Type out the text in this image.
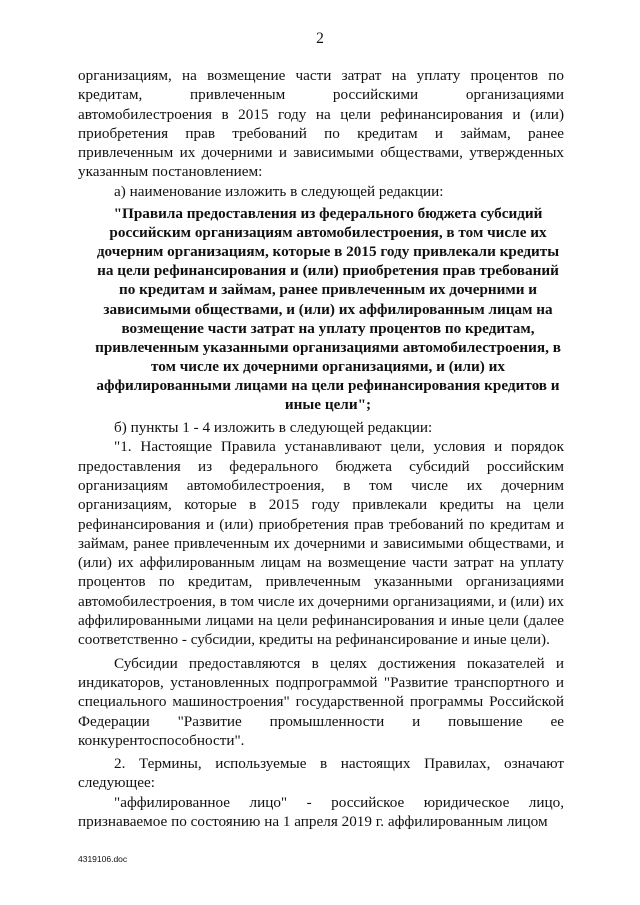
2

организациям, на возмещение части затрат на уплату процентов по кредитам, привлеченным российскими организациями автомобилестроения в 2015 году на цели рефинансирования и (или) приобретения прав требований по кредитам и займам, ранее привлеченным их дочерними и зависимыми обществами, утвержденных указанным постановлением:

а) наименование изложить в следующей редакции:

"Правила предоставления из федерального бюджета субсидий российским организациям автомобилестроения, в том числе их дочерним организациям, которые в 2015 году привлекали кредиты на цели рефинансирования и (или) приобретения прав требований по кредитам и займам, ранее привлеченным их дочерними и зависимыми обществами, и (или) их аффилированным лицам на возмещение части затрат на уплату процентов по кредитам, привлеченным указанными организациями автомобилестроения, в том числе их дочерними организациями, и (или) их аффилированными лицами на цели рефинансирования кредитов и иные цели";

б) пункты 1 - 4 изложить в следующей редакции:

"1. Настоящие Правила устанавливают цели, условия и порядок предоставления из федерального бюджета субсидий российским организациям автомобилестроения, в том числе их дочерним организациям, которые в 2015 году привлекали кредиты на цели рефинансирования и (или) приобретения прав требований по кредитам и займам, ранее привлеченным их дочерними и зависимыми обществами, и (или) их аффилированным лицам на возмещение части затрат на уплату процентов по кредитам, привлеченным указанными организациями автомобилестроения, в том числе их дочерними организациями, и (или) их аффилированными лицами на цели рефинансирования и иные цели (далее соответственно - субсидии, кредиты на рефинансирование и иные цели).

Субсидии предоставляются в целях достижения показателей и индикаторов, установленных подпрограммой "Развитие транспортного и специального машиностроения" государственной программы Российской Федерации "Развитие промышленности и повышение ее конкурентоспособности".

2. Термины, используемые в настоящих Правилах, означают следующее:

"аффилированное лицо" - российское юридическое лицо, признаваемое по состоянию на 1 апреля 2019 г. аффилированным лицом

4319106.doc
